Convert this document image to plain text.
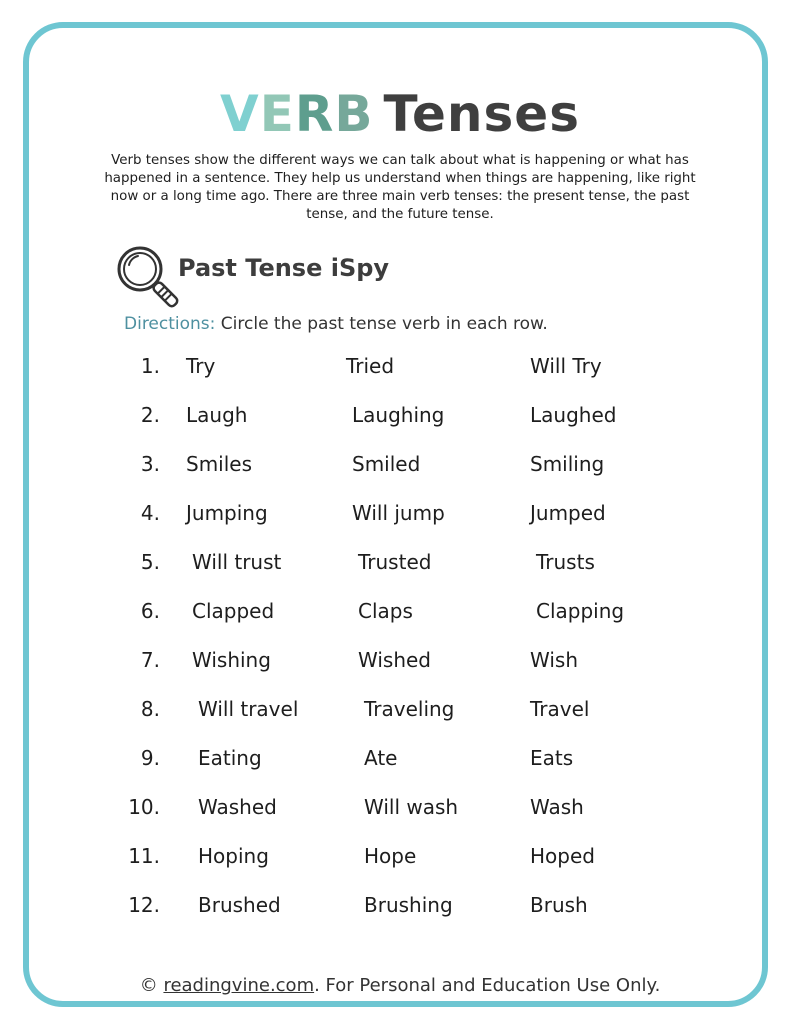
VERB Tenses
Verb tenses show the different ways we can talk about what is happening or what has happened in a sentence. They help us understand when things are happening, like right now or a long time ago. There are three main verb tenses: the present tense, the past tense, and the future tense.
Past Tense iSpy
Directions: Circle the past tense verb in each row.
1. Try	Tried	Will Try
2. Laugh	Laughing	Laughed
3. Smiles	Smiled	Smiling
4. Jumping	Will jump	Jumped
5. Will trust	Trusted	Trusts
6. Clapped	Claps	Clapping
7. Wishing	Wished	Wish
8. Will travel	Traveling	Travel
9. Eating	Ate	Eats
10. Washed	Will wash	Wash
11. Hoping	Hope	Hoped
12. Brushed	Brushing	Brush
© readingvine.com. For Personal and Education Use Only.
